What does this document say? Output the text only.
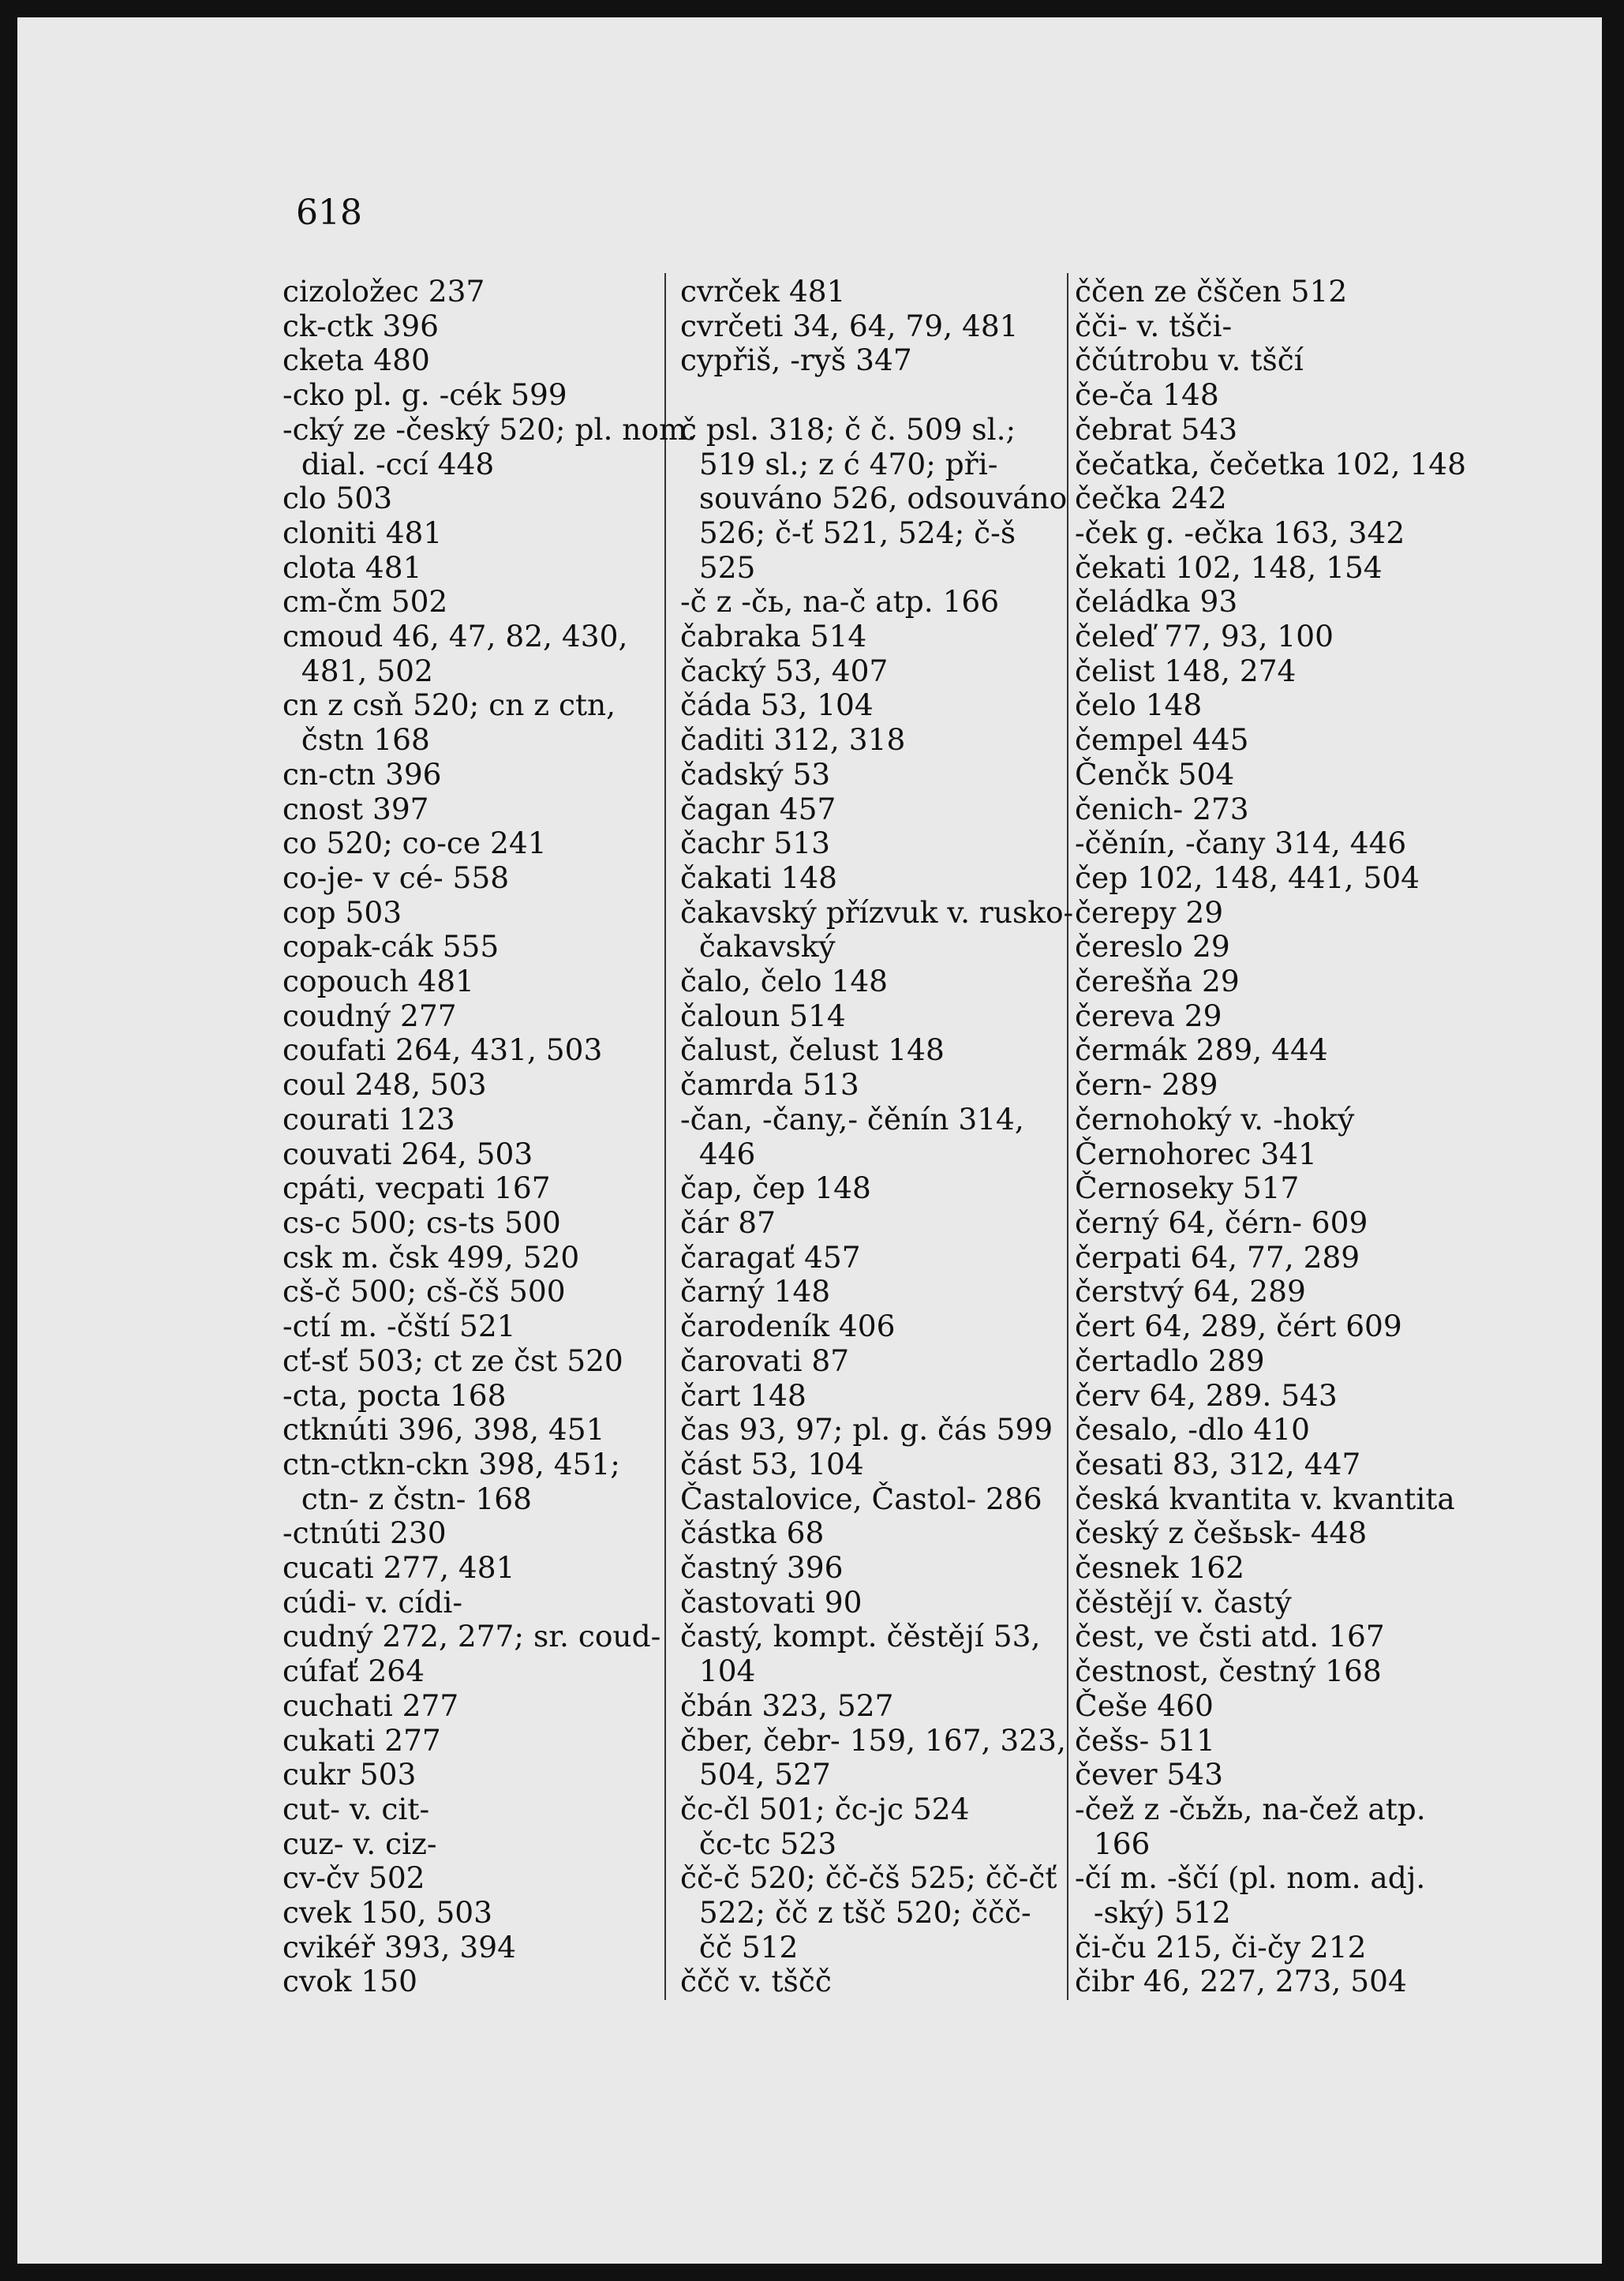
618
cizoložec 237
ck-ctk 396
cketa 480
-cko pl. g. -cék 599
-cký ze -český 520; pl. nom.
dial. -ccí 448
clo 503
cloniti 481
clota 481
cm-čm 502
cmoud 46, 47, 82, 430,
481, 502
cn z csň 520; cn z ctn,
čstn 168
cn-ctn 396
cnost 397
co 520; co-ce 241
co-je- v cé- 558
cop 503
copak-cák 555
copouch 481
coudný 277
coufati 264, 431, 503
coul 248, 503
courati 123
couvati 264, 503
cpáti, vecpati 167
cs-c 500; cs-ts 500
csk m. čsk 499, 520
cš-č 500; cš-čš 500
-ctí m. -čští 521
cť-sť 503; ct ze čst 520
-cta, pocta 168
ctknúti 396, 398, 451
ctn-ctkn-ckn 398, 451;
ctn- z čstn- 168
-ctnúti 230
cucati 277, 481
cúdi- v. cídi-
cudný 272, 277; sr. coud-
cúfať 264
cuchati 277
cukati 277
cukr 503
cut- v. cit-
cuz- v. ciz-
cv-čv 502
cvek 150, 503
cvikéř 393, 394
cvok 150
cvrček 481
cvrčeti 34, 64, 79, 481
cypřiš, -ryš 347

č psl. 318; č č. 509 sl.;
519 sl.; z ć 470; při-
souváno 526, odsouváno
526; č-ť 521, 524; č-š
525
-č z -čь, na-č atp. 166
čabraka 514
čacký 53, 407
čáda 53, 104
čaditi 312, 318
čadský 53
čagan 457
čachr 513
čakati 148
čakavský přízvuk v. rusko-
čakavský
čalo, čelo 148
čaloun 514
čalust, čelust 148
čamrda 513
-čan, -čany,- čěnín 314,
446
čap, čep 148
čár 87
čaragať 457
čarný 148
čarodeník 406
čarovati 87
čart 148
čas 93, 97; pl. g. čás 599
část 53, 104
Častalovice, Častol- 286
částka 68
častný 396
častovati 90
častý, kompt. čěstějí 53,
104
čbán 323, 527
čber, čebr- 159, 167, 323,
504, 527
čc-čl 501; čc-jc 524
čc-tc 523
čč-č 520; čč-čš 525; čč-čť
522; čč z tšč 520; ččč-
čč 512
ččč v. tščč
ččen ze čščen 512
čči- v. tšči-
ččútrobu v. tščí
če-ča 148
čebrat 543
čečatka, čečetka 102, 148
čečka 242
-ček g. -ečka 163, 342
čekati 102, 148, 154
čeládka 93
čeleď 77, 93, 100
čelist 148, 274
čelo 148
čempel 445
Čenčk 504
čenich- 273
-čěnín, -čany 314, 446
čep 102, 148, 441, 504
čerepy 29
čereslo 29
čerešňa 29
čereva 29
čermák 289, 444
čern- 289
černohoký v. -hoký
Černohorec 341
Černoseky 517
černý 64, čérn- 609
čerpati 64, 77, 289
čerstvý 64, 289
čert 64, 289, čért 609
čertadlo 289
červ 64, 289. 543
česalo, -dlo 410
česati 83, 312, 447
česká kvantita v. kvantita
český z češьsk- 448
česnek 162
čěstějí v. častý
čest, ve čsti atd. 167
čestnost, čestný 168
Češe 460
češs- 511
čever 543
-čež z -čьžь, na-čež atp.
166
-čí m. -ščí (pl. nom. adj.
-ský) 512
či-ču 215, či-čy 212
čibr 46, 227, 273, 504
